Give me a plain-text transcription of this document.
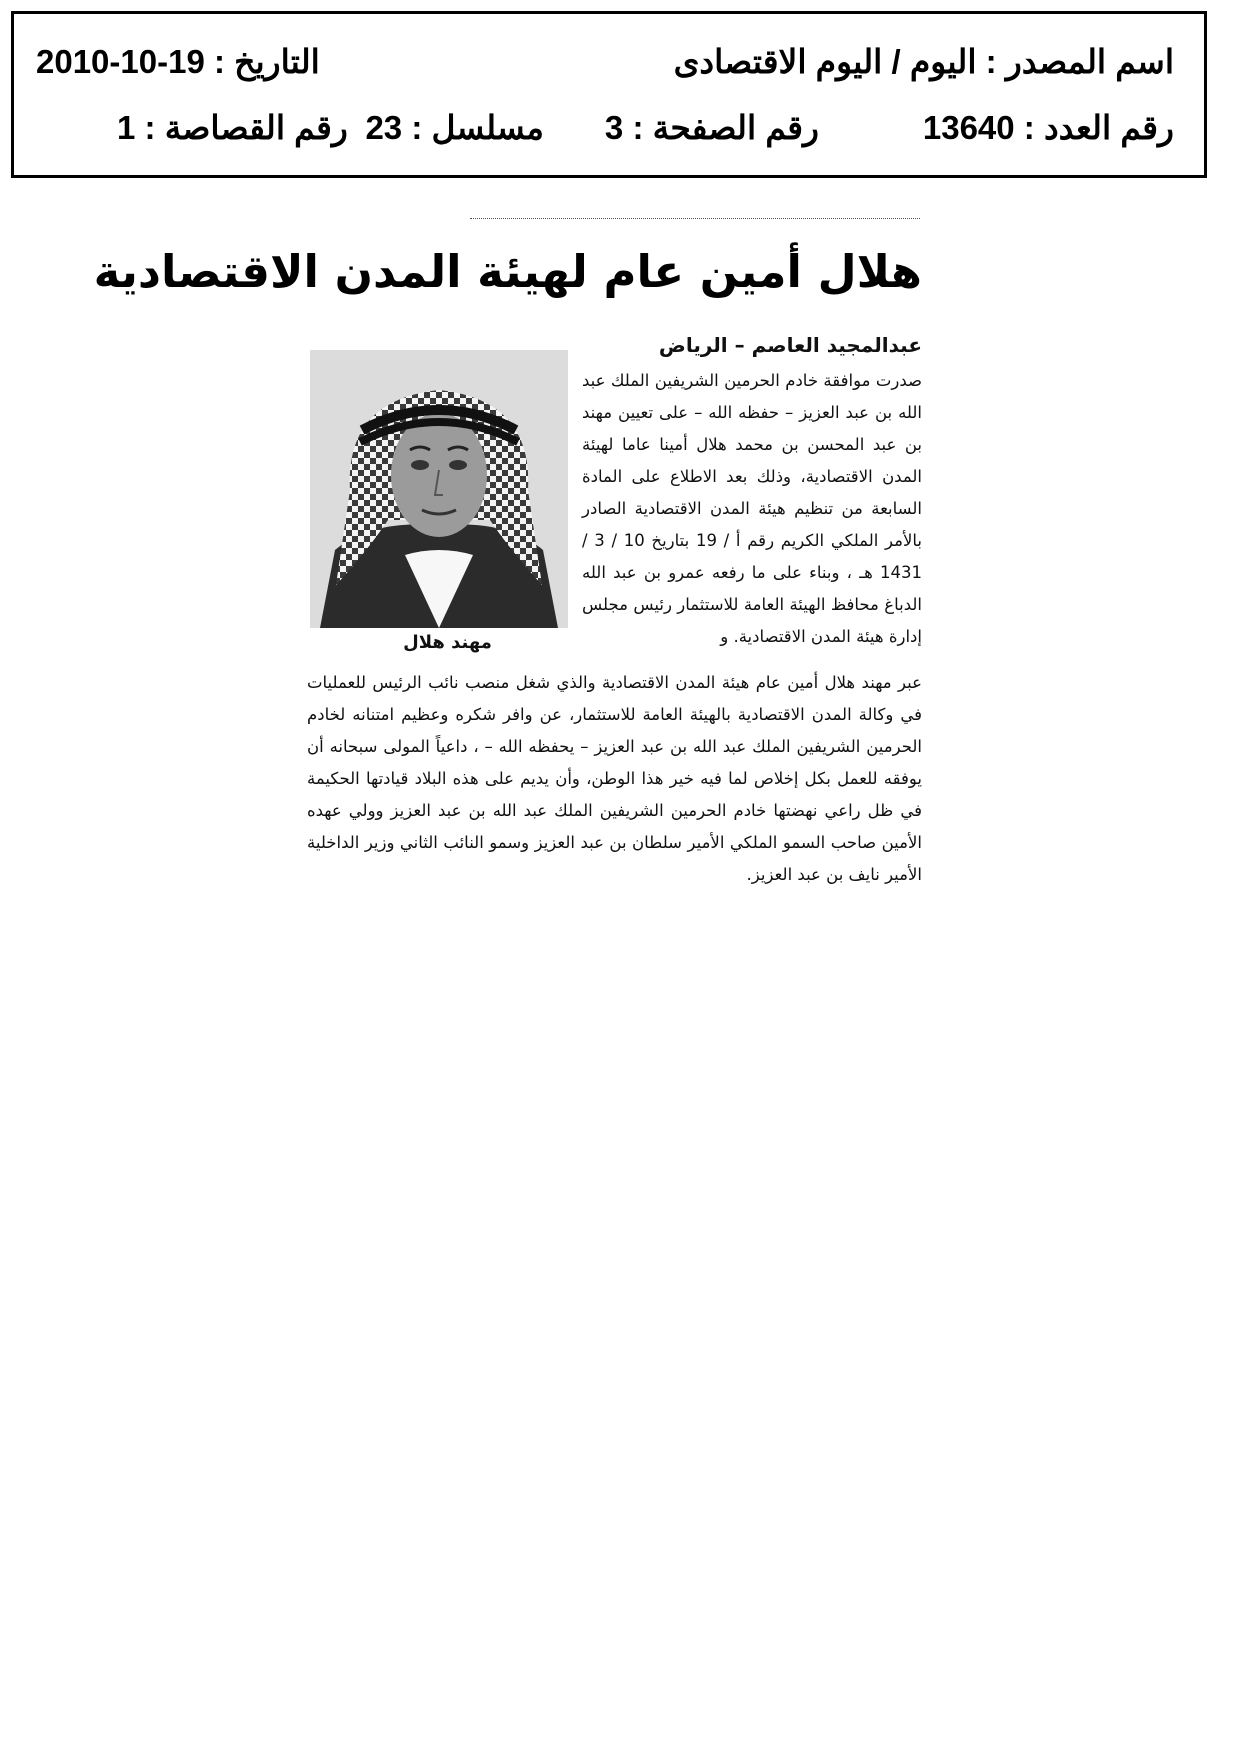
اسم المصدر : اليوم / اليوم الاقتصادى
التاريخ : 2010-10-19
رقم العدد : 13640
رقم الصفحة : 3
مسلسل : 23
رقم القصاصة : 1
هلال أمين عام لهيئة المدن الاقتصادية
عبدالمجيد العاصم – الرياض
مهند هلال

صدرت موافقة خادم الحرمين الشريفين الملك عبد الله بن عبد العزيز – حفظه الله – على تعيين مهند بن عبد المحسن بن محمد هلال أمينا عاما لهيئة المدن الاقتصادية، وذلك بعد الاطلاع على المادة السابعة من تنظيم هيئة المدن الاقتصادية الصادر بالأمر الملكي الكريم رقم أ / 19 بتاريخ 10 / 3 / 1431 هـ ، وبناء على ما رفعه عمرو بن عبد الله الدباغ محافظ الهيئة العامة للاستثمار رئيس مجلس إدارة هيئة المدن الاقتصادية. و

عبر مهند هلال أمين عام هيئة المدن الاقتصادية والذي شغل منصب نائب الرئيس للعمليات في وكالة المدن الاقتصادية بالهيئة العامة للاستثمار، عن وافر شكره وعظيم امتنانه لخادم الحرمين الشريفين الملك عبد الله بن عبد العزيز – يحفظه الله – ، داعياً المولى سبحانه أن يوفقه للعمل بكل إخلاص لما فيه خير هذا الوطن، وأن يديم على هذه البلاد قيادتها الحكيمة في ظل راعي نهضتها خادم الحرمين الشريفين الملك عبد الله بن عبد العزيز وولي عهده الأمين صاحب السمو الملكي الأمير سلطان بن عبد العزيز وسمو النائب الثاني وزير الداخلية الأمير نايف بن عبد العزيز.
